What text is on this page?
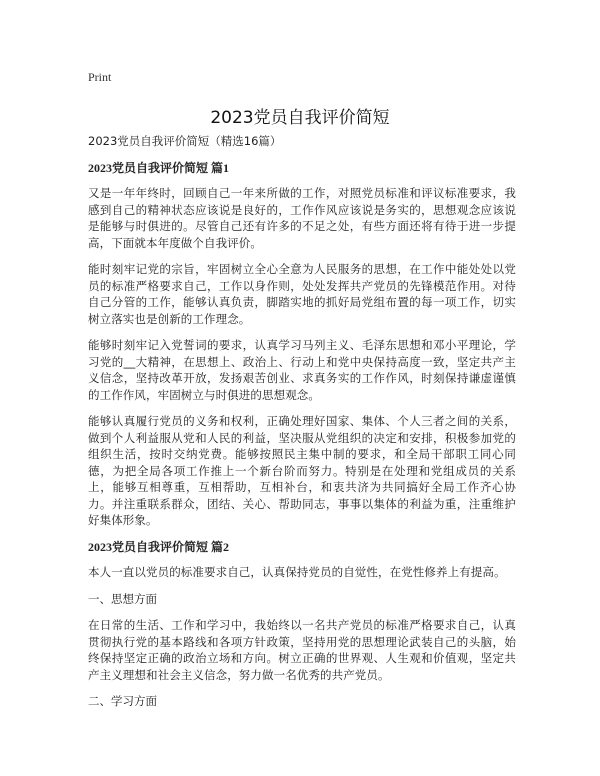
Print
2023党员自我评价简短

2023党员自我评价简短（精选16篇）

2023党员自我评价简短 篇1

又是一年年终时，回顾自己一年来所做的工作，对照党员标准和评议标准要求，我感到自己的精神状态应该说是良好的，工作作风应该说是务实的，思想观念应该说是能够与时俱进的。尽管自己还有许多的不足之处，有些方面还将有待于进一步提高，下面就本年度做个自我评价。

能时刻牢记党的宗旨，牢固树立全心全意为人民服务的思想，在工作中能处处以党员的标准严格要求自己，工作以身作则，处处发挥共产党员的先锋模范作用。对待自己分管的工作，能够认真负责，脚踏实地的抓好局党组布置的每一项工作，切实树立落实也是创新的工作理念。

能够时刻牢记入党誓词的要求，认真学习马列主义、毛泽东思想和邓小平理论，学习党的__大精神，在思想上、政治上、行动上和党中央保持高度一致，坚定共产主义信念，坚持改革开放，发扬艰苦创业、求真务实的工作作风，时刻保持谦虚谨慎的工作作风，牢固树立与时俱进的思想观念。

能够认真履行党员的义务和权利，正确处理好国家、集体、个人三者之间的关系，做到个人利益服从党和人民的利益，坚决服从党组织的决定和安排，积极参加党的组织生活，按时交纳党费。能够按照民主集中制的要求，和全局干部职工同心同德，为把全局各项工作推上一个新台阶而努力。特别是在处理和党组成员的关系上，能够互相尊重，互相帮助，互相补台，和衷共济为共同搞好全局工作齐心协力。并注重联系群众，团结、关心、帮助同志，事事以集体的利益为重，注重维护好集体形象。

2023党员自我评价简短 篇2

本人一直以党员的标准要求自己，认真保持党员的自觉性，在党性修养上有提高。

一、思想方面

在日常的生活、工作和学习中，我始终以一名共产党员的标准严格要求自己，认真贯彻执行党的基本路线和各项方针政策，坚持用党的思想理论武装自己的头脑，始终保持坚定正确的政治立场和方向。树立正确的世界观、人生观和价值观，坚定共产主义理想和社会主义信念，努力做一名优秀的共产党员。

二、学习方面
